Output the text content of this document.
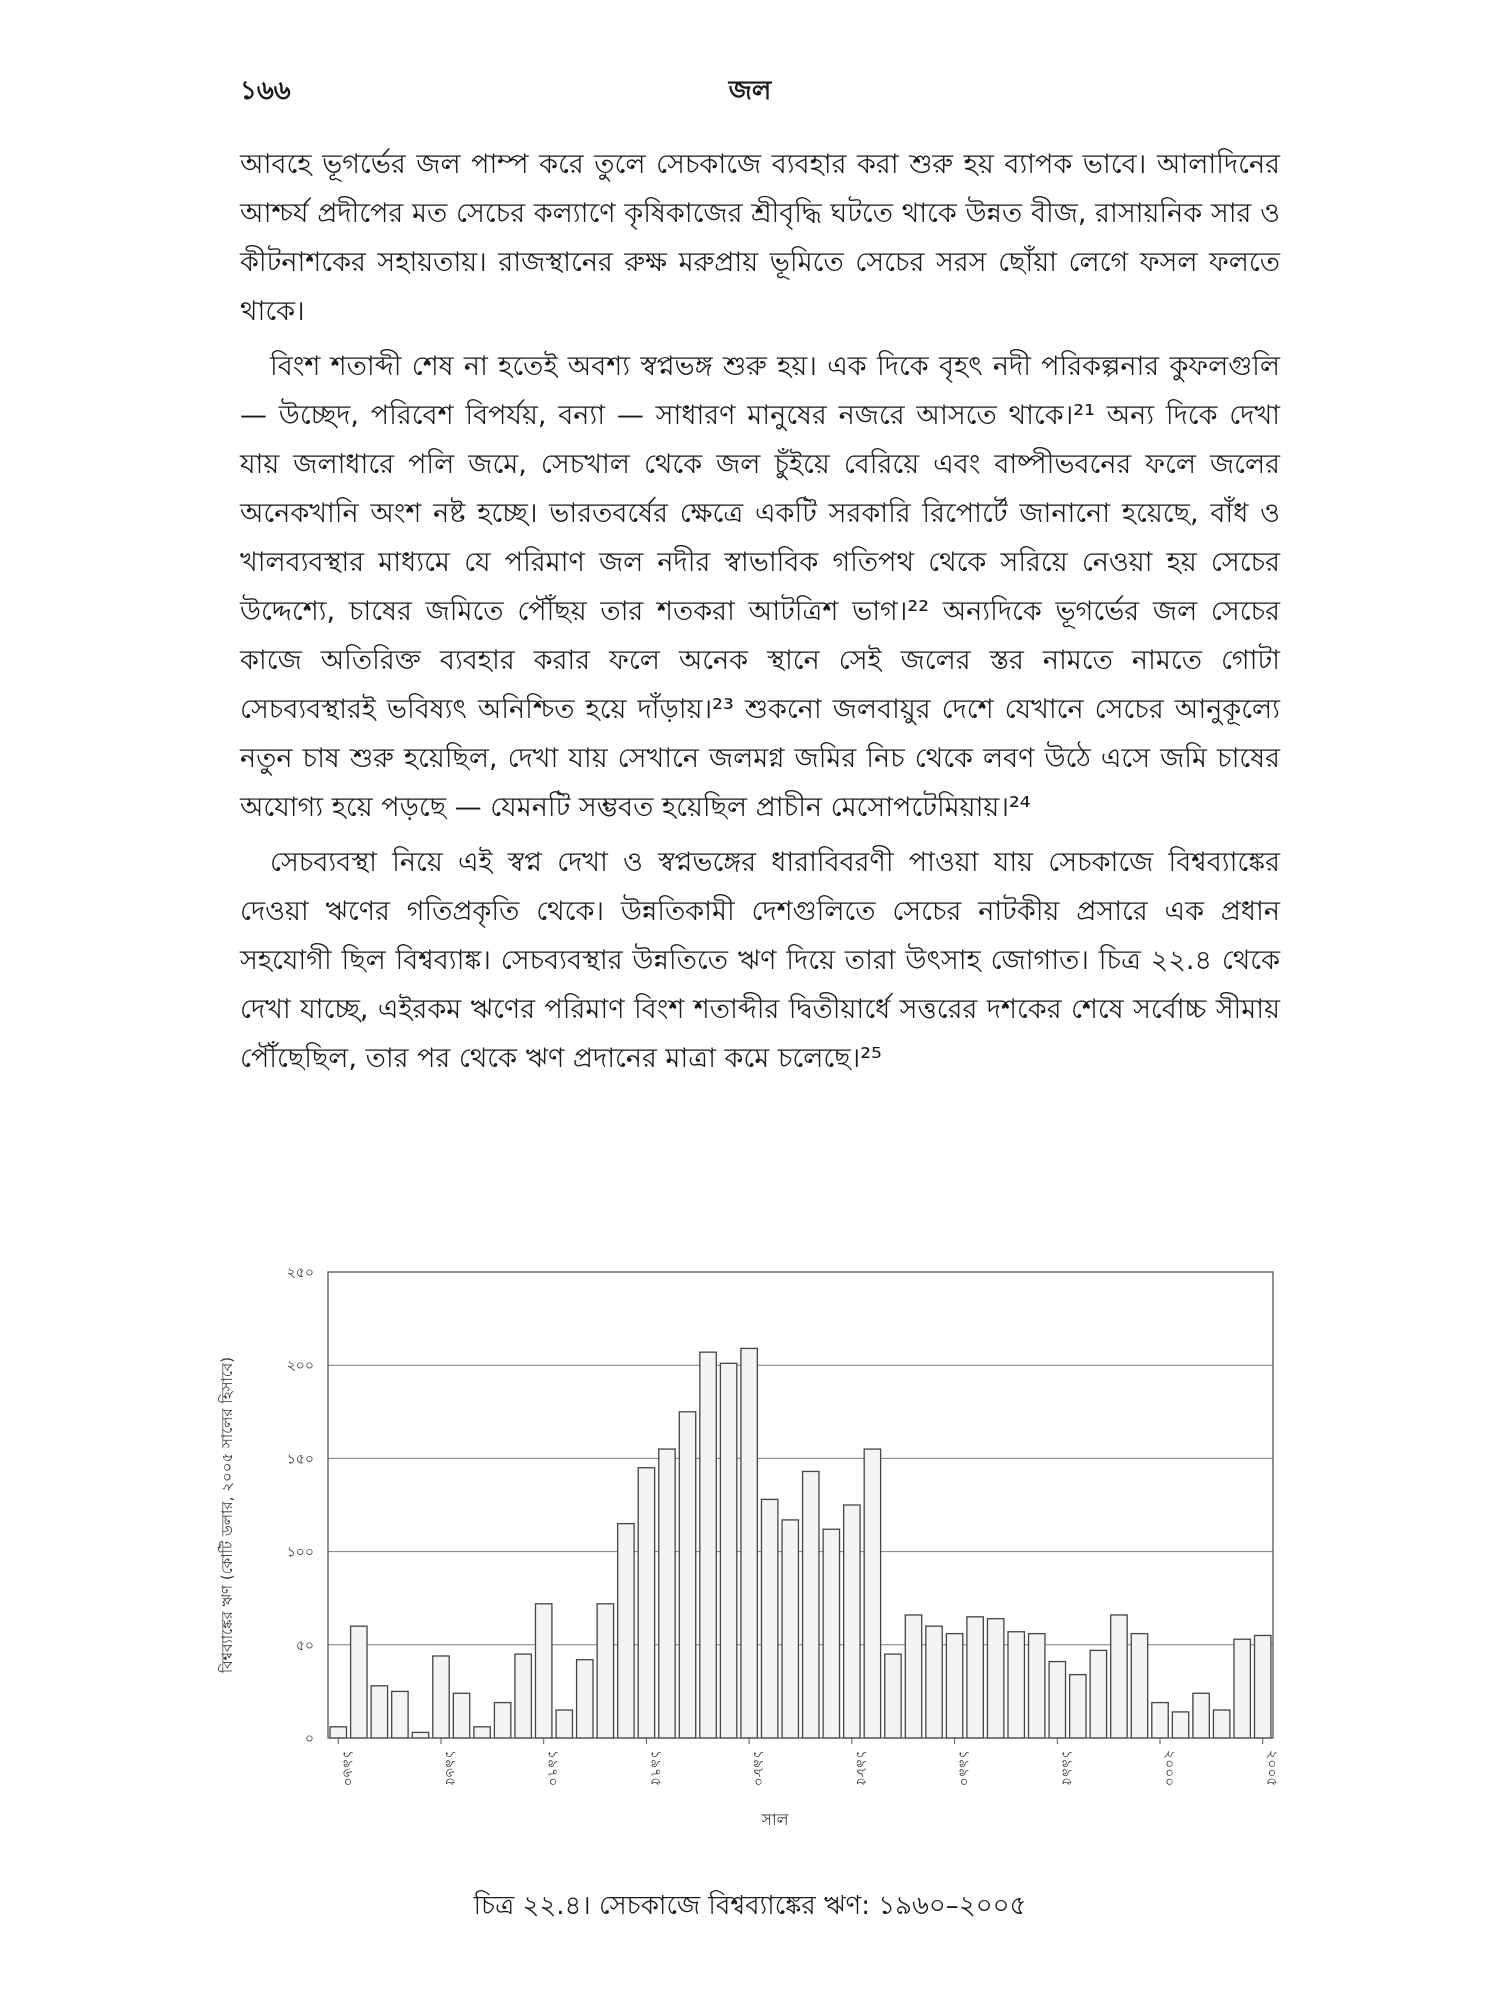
১৬৬	জল

আবহে ভূগর্ভের জল পাম্প করে তুলে সেচকাজে ব্যবহার করা শুরু হয় ব্যাপক ভাবে। আলাদিনের আশ্চর্য প্রদীপের মত সেচের কল্যাণে কৃষিকাজের শ্রীবৃদ্ধি ঘটতে থাকে উন্নত বীজ, রাসায়নিক সার ও কীটনাশকের সহায়তায়। রাজস্থানের রুক্ষ মরুপ্রায় ভূমিতে সেচের সরস ছোঁয়া লেগে ফসল ফলতে থাকে।

বিংশ শতাব্দী শেষ না হতেই অবশ্য স্বপ্নভঙ্গ শুরু হয়। এক দিকে বৃহৎ নদী পরিকল্পনার কুফলগুলি — উচ্ছেদ, পরিবেশ বিপর্যয়, বন্যা — সাধারণ মানুষের নজরে আসতে থাকে।²¹ অন্য দিকে দেখা যায় জলাধারে পলি জমে, সেচখাল থেকে জল চুঁইয়ে বেরিয়ে এবং বাষ্পীভবনের ফলে জলের অনেকখানি অংশ নষ্ট হচ্ছে। ভারতবর্ষের ক্ষেত্রে একটি সরকারি রিপোর্টে জানানো হয়েছে, বাঁধ ও খালব্যবস্থার মাধ্যমে যে পরিমাণ জল নদীর স্বাভাবিক গতিপথ থেকে সরিয়ে নেওয়া হয় সেচের উদ্দেশ্যে, চাষের জমিতে পৌঁছয় তার শতকরা আটত্রিশ ভাগ।²² অন্যদিকে ভূগর্ভের জল সেচের কাজে অতিরিক্ত ব্যবহার করার ফলে অনেক স্থানে সেই জলের স্তর নামতে নামতে গোটা সেচব্যবস্থারই ভবিষ্যৎ অনিশ্চিত হয়ে দাঁড়ায়।²³ শুকনো জলবায়ুর দেশে যেখানে সেচের আনুকূল্যে নতুন চাষ শুরু হয়েছিল, দেখা যায় সেখানে জলমগ্ন জমির নিচ থেকে লবণ উঠে এসে জমি চাষের অযোগ্য হয়ে পড়ছে — যেমনটি সম্ভবত হয়েছিল প্রাচীন মেসোপটেমিয়ায়।²⁴

সেচব্যবস্থা নিয়ে এই স্বপ্ন দেখা ও স্বপ্নভঙ্গের ধারাবিবরণী পাওয়া যায় সেচকাজে বিশ্বব্যাঙ্কের দেওয়া ঋণের গতিপ্রকৃতি থেকে। উন্নতিকামী দেশগুলিতে সেচের নাটকীয় প্রসারে এক প্রধান সহযোগী ছিল বিশ্বব্যাঙ্ক। সেচব্যবস্থার উন্নতিতে ঋণ দিয়ে তারা উৎসাহ জোগাত। চিত্র ২২.৪ থেকে দেখা যাচ্ছে, এইরকম ঋণের পরিমাণ বিংশ শতাব্দীর দ্বিতীয়ার্ধে সত্তরের দশকের শেষে সর্বোচ্চ সীমায় পৌঁছেছিল, তার পর থেকে ঋণ প্রদানের মাত্রা কমে চলেছে।²⁵

০
৫০
১০০
১৫০
২০০
২৫০
১৯৬০	১৯৬৫	১৯৭০	১৯৭৫	১৯৮০	১৯৮৫	১৯৯০	১৯৯৫	২০০০	২০০৫
বিশ্বব্যাঙ্কের ঋণ (কোটি ডলার, ২০০৫ সালের হিসাবে)
সাল
চিত্র ২২.৪। সেচকাজে বিশ্বব্যাঙ্কের ঋণ: ১৯৬০–২০০৫
